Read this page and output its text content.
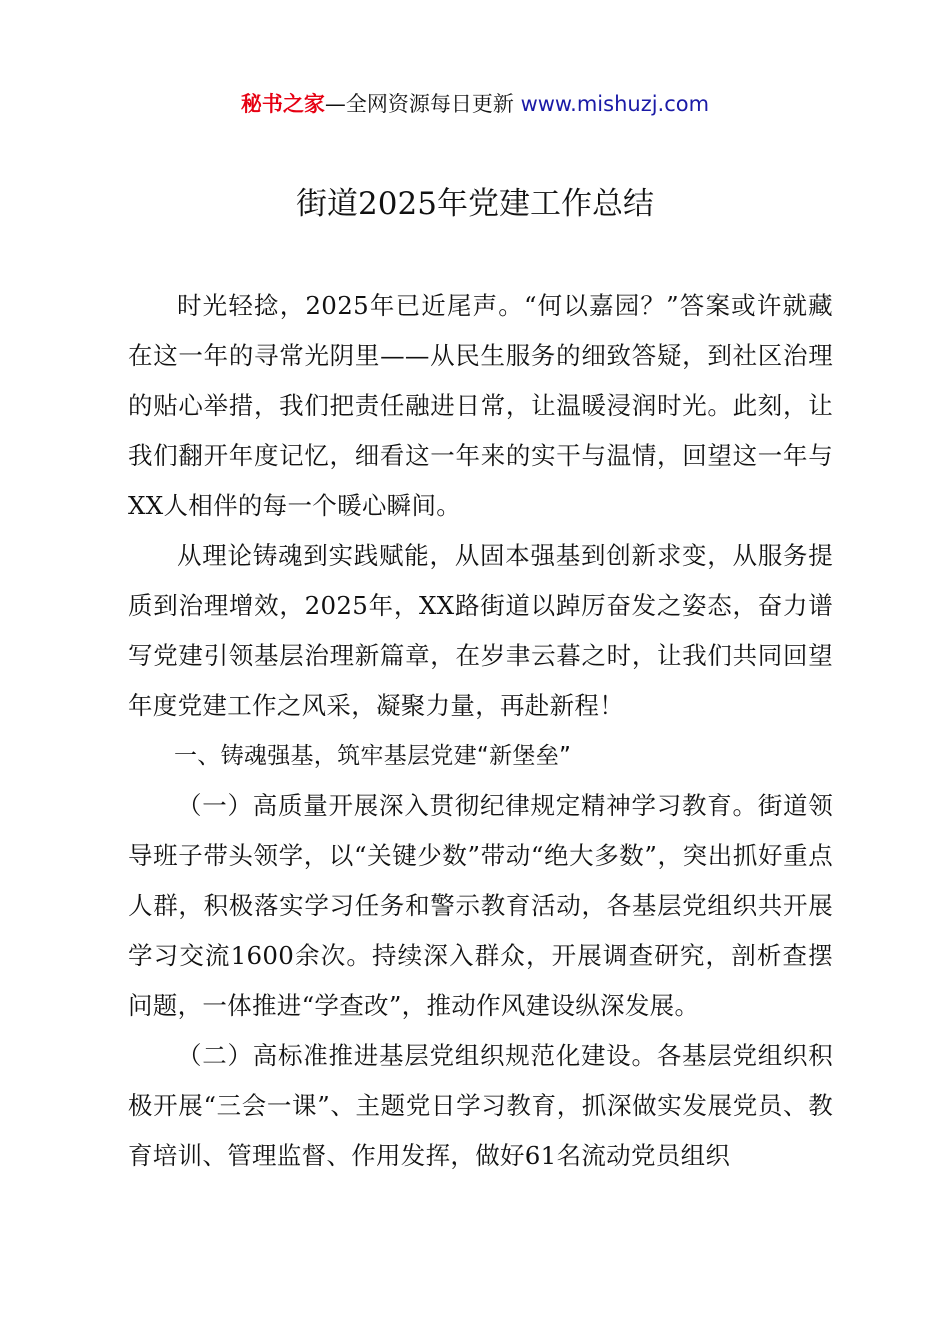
秘书之家—全网资源每日更新 www.mishuzj.com
街道2025年党建工作总结

时光轻捻，2025年已近尾声。“何以嘉园？”答案或许就藏在这一年的寻常光阴里——从民生服务的细致答疑，到社区治理的贴心举措，我们把责任融进日常，让温暖浸润时光。此刻，让我们翻开年度记忆，细看这一年来的实干与温情，回望这一年与XX人相伴的每一个暖心瞬间。

从理论铸魂到实践赋能，从固本强基到创新求变，从服务提质到治理增效，2025年，XX路街道以踔厉奋发之姿态，奋力谱写党建引领基层治理新篇章，在岁聿云暮之时，让我们共同回望年度党建工作之风采，凝聚力量，再赴新程！

一、铸魂强基，筑牢基层党建“新堡垒”

（一）高质量开展深入贯彻纪律规定精神学习教育。街道领导班子带头领学，以“关键少数”带动“绝大多数”，突出抓好重点人群，积极落实学习任务和警示教育活动，各基层党组织共开展学习交流1600余次。持续深入群众，开展调查研究，剖析查摆问题，一体推进“学查改”，推动作风建设纵深发展。

（二）高标准推进基层党组织规范化建设。各基层党组织积极开展“三会一课”、主题党日学习教育，抓深做实发展党员、教育培训、管理监督、作用发挥，做好61名流动党员组织
